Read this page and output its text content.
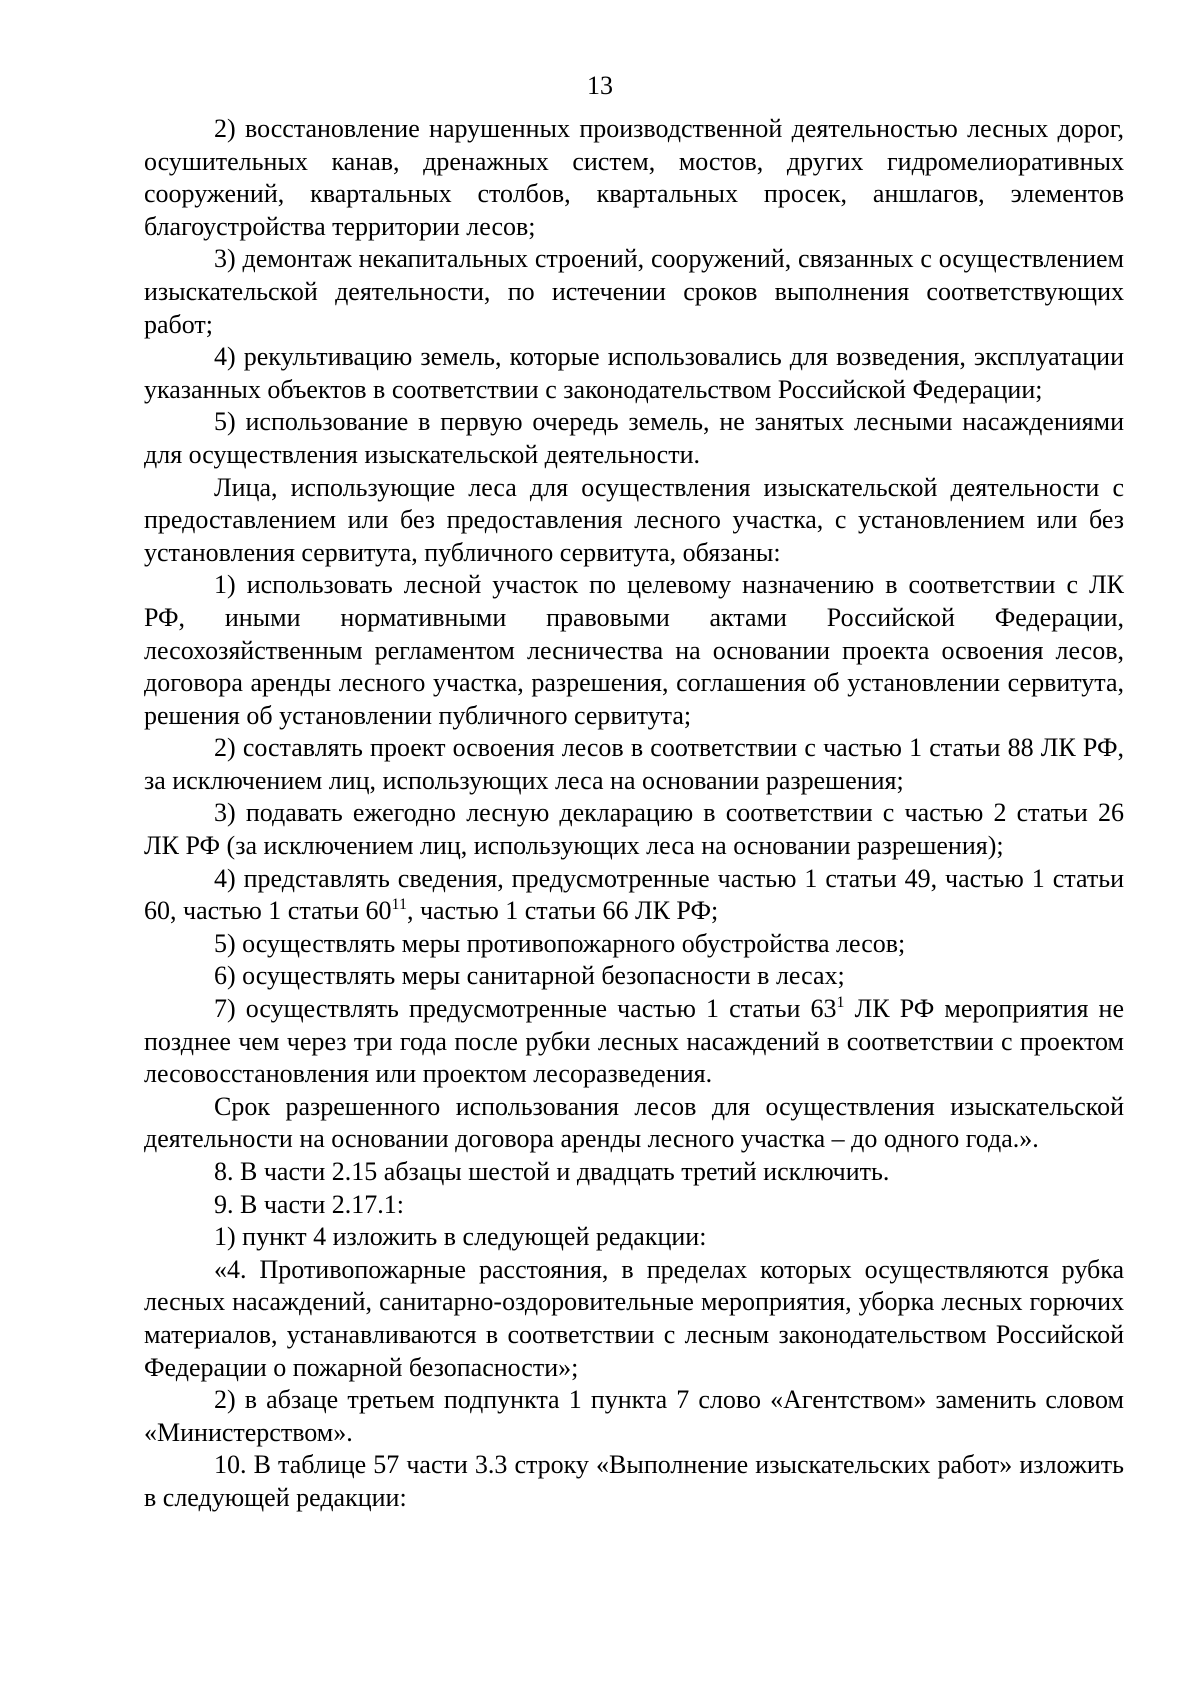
13

2) восстановление нарушенных производственной деятельностью лесных дорог, осушительных канав, дренажных систем, мостов, других гидромелиоративных сооружений, квартальных столбов, квартальных просек, аншлагов, элементов благоустройства территории лесов;

3) демонтаж некапитальных строений, сооружений, связанных с осуществлением изыскательской деятельности, по истечении сроков выполнения соответствующих работ;

4) рекультивацию земель, которые использовались для возведения, эксплуатации указанных объектов в соответствии с законодательством Российской Федерации;

5) использование в первую очередь земель, не занятых лесными насаждениями для осуществления изыскательской деятельности.

Лица, использующие леса для осуществления изыскательской деятельности с предоставлением или без предоставления лесного участка, с установлением или без установления сервитута, публичного сервитута, обязаны:

1) использовать лесной участок по целевому назначению в соответствии с ЛК РФ, иными нормативными правовыми актами Российской Федерации, лесохозяйственным регламентом лесничества на основании проекта освоения лесов, договора аренды лесного участка, разрешения, соглашения об установлении сервитута, решения об установлении публичного сервитута;

2) составлять проект освоения лесов в соответствии с частью 1 статьи 88 ЛК РФ, за исключением лиц, использующих леса на основании разрешения;

3) подавать ежегодно лесную декларацию в соответствии с частью 2 статьи 26 ЛК РФ (за исключением лиц, использующих леса на основании разрешения);

4) представлять сведения, предусмотренные частью 1 статьи 49, частью 1 статьи 60, частью 1 статьи $60^{11}$, частью 1 статьи 66 ЛК РФ;

5) осуществлять меры противопожарного обустройства лесов;

6) осуществлять меры санитарной безопасности в лесах;

7) осуществлять предусмотренные частью 1 статьи $63^1$ ЛК РФ мероприятия не позднее чем через три года после рубки лесных насаждений в соответствии с проектом лесовосстановления или проектом лесоразведения.

Срок разрешенного использования лесов для осуществления изыскательской деятельности на основании договора аренды лесного участка – до одного года.».

8. В части 2.15 абзацы шестой и двадцать третий исключить.

9. В части 2.17.1:

1) пункт 4 изложить в следующей редакции:

«4. Противопожарные расстояния, в пределах которых осуществляются рубка лесных насаждений, санитарно-оздоровительные мероприятия, уборка лесных горючих материалов, устанавливаются в соответствии с лесным законодательством Российской Федерации о пожарной безопасности»;

2) в абзаце третьем подпункта 1 пункта 7 слово «Агентством» заменить словом «Министерством».

10. В таблице 57 части 3.3 строку «Выполнение изыскательских работ» изложить в следующей редакции:
